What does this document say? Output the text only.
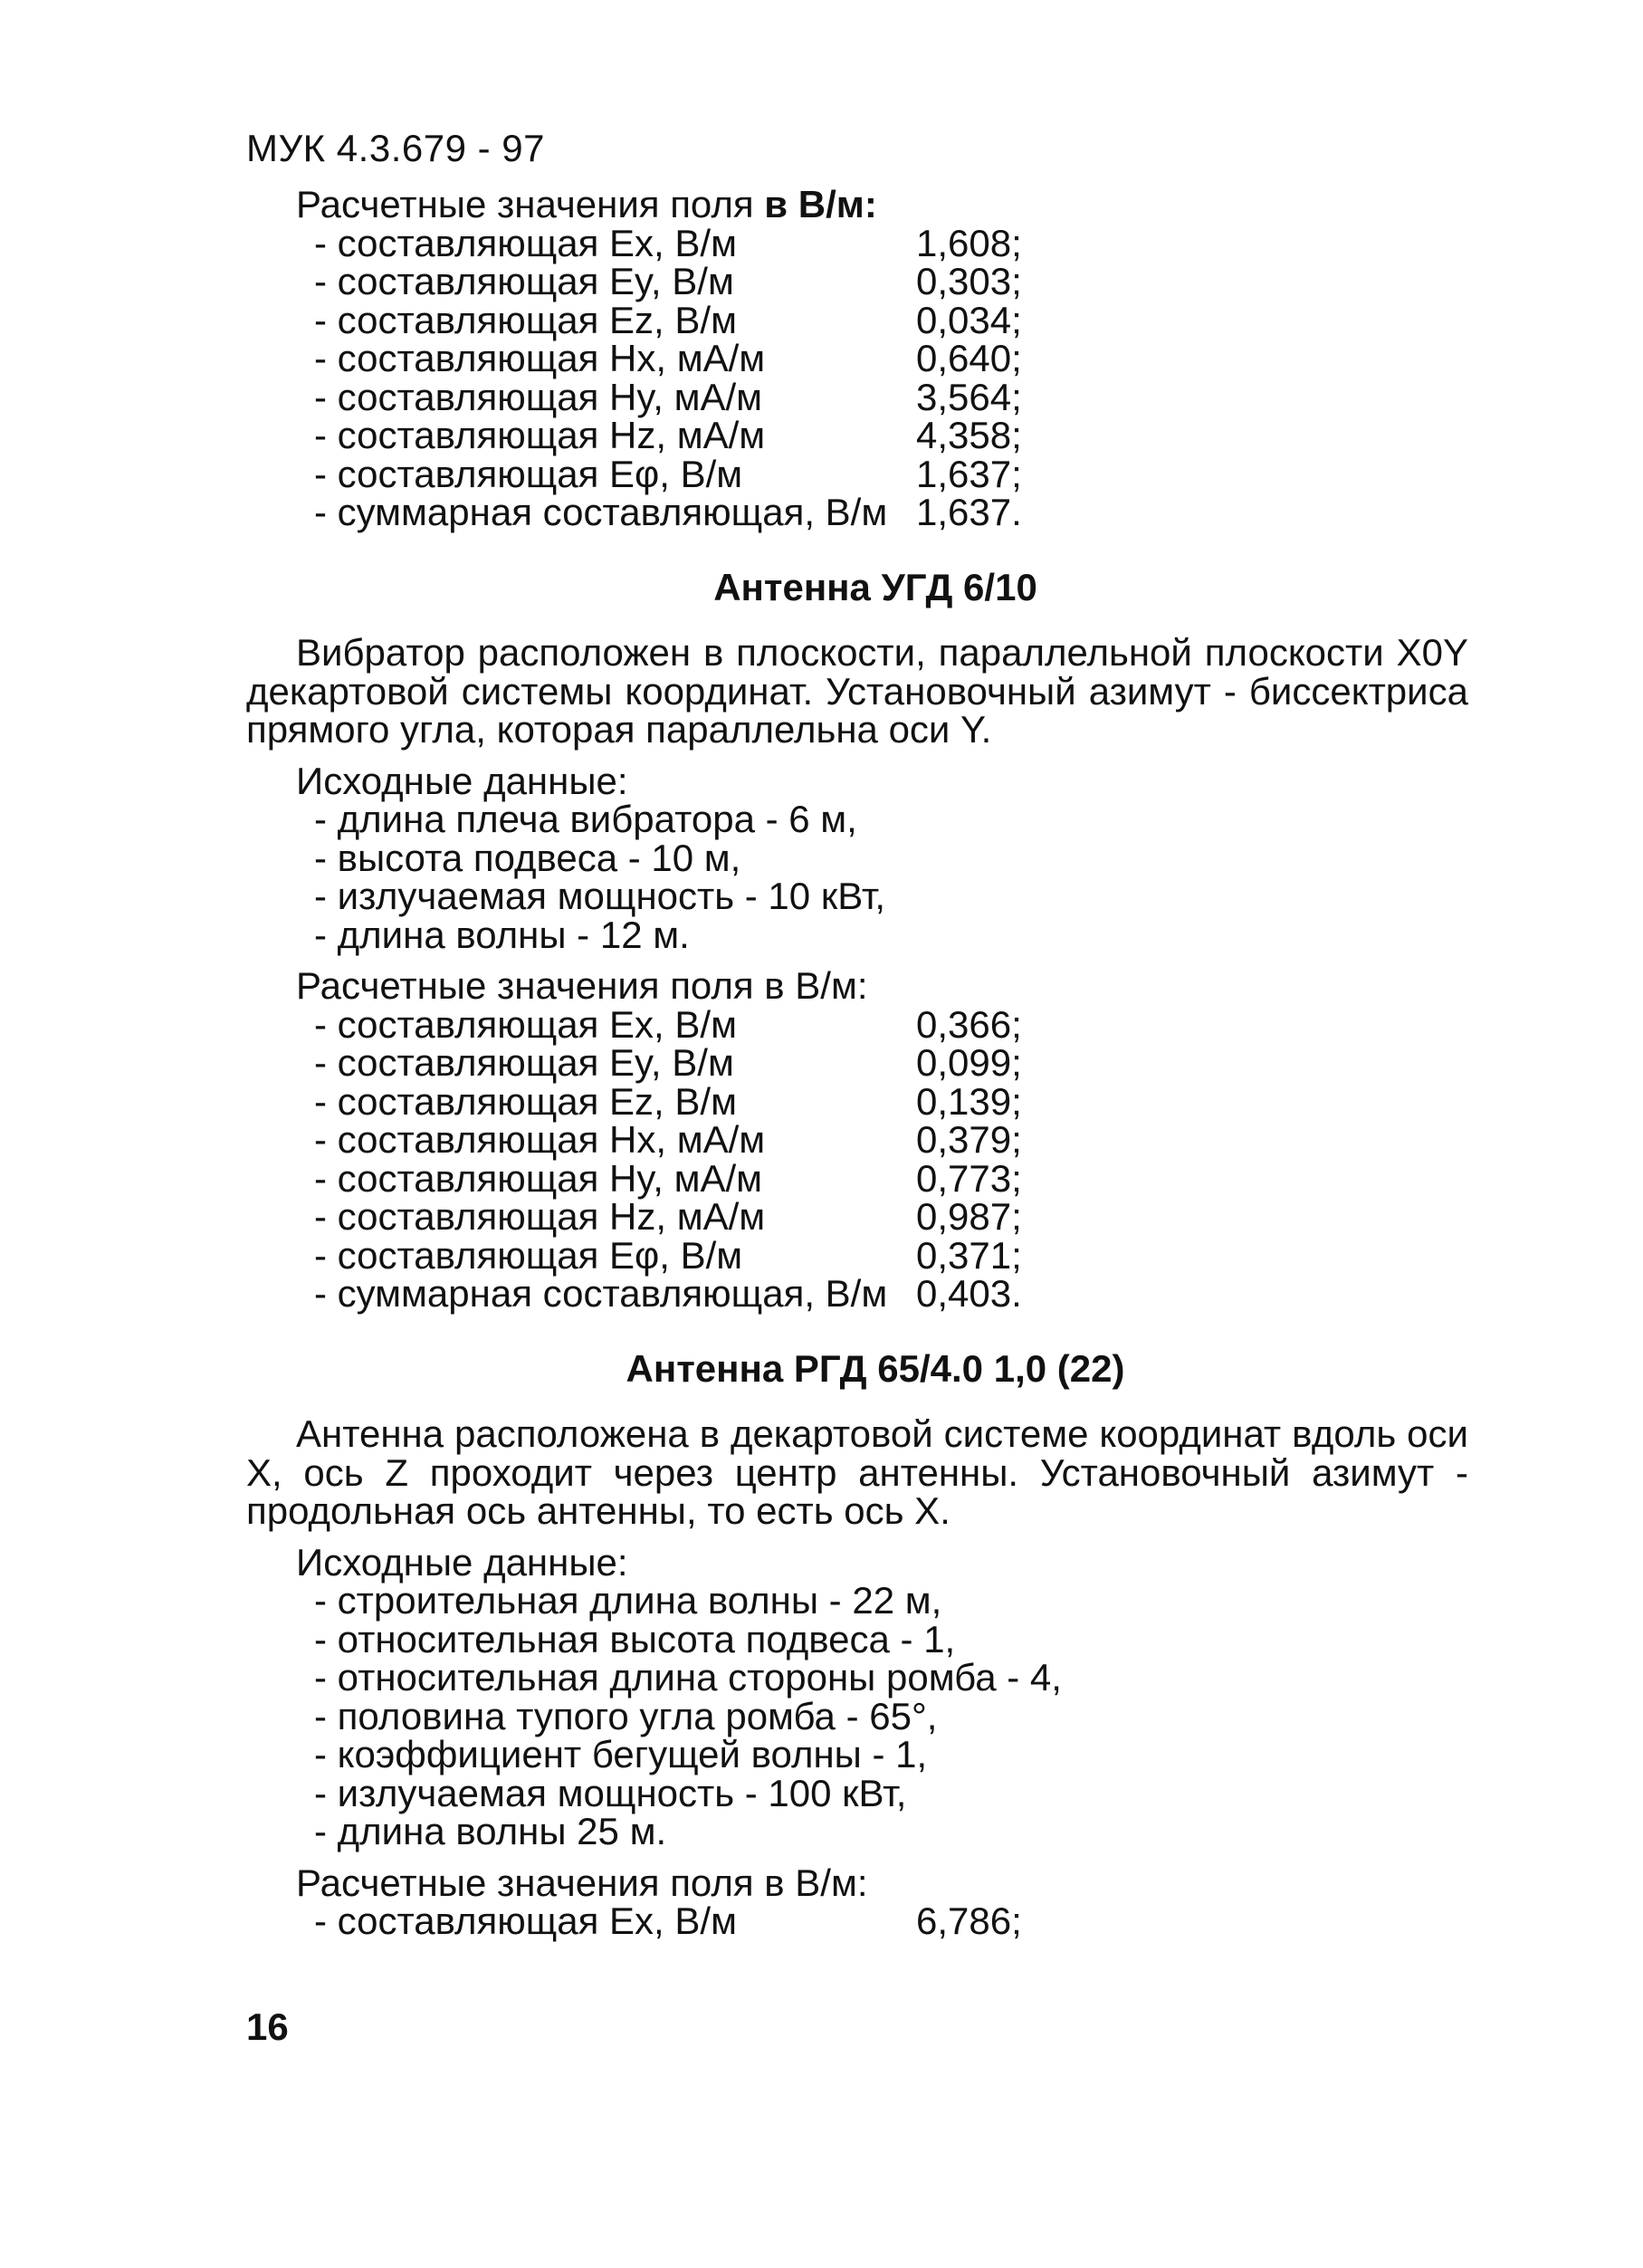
МУК 4.3.679 - 97

Расчетные значения поля в В/м:

- составляющая Ex, В/м	1,608;
- составляющая Ey, В/м	0,303;
- составляющая Ez, В/м	0,034;
- составляющая Hx, мА/м	0,640;
- составляющая Hy, мА/м	3,564;
- составляющая Hz, мА/м	4,358;
- составляющая Eφ, В/м	1,637;
- суммарная составляющая, В/м 1,637.

Антенна УГД 6/10

Вибратор расположен в плоскости, параллельной плоскости X0Y декартовой системы координат. Установочный азимут - биссектриса прямого угла, которая параллельна оси Y.

Исходные данные:

- длина плеча вибратора - 6 м,
- высота подвеса - 10 м,
- излучаемая мощность - 10 кВт,
- длина волны - 12 м.

Расчетные значения поля в В/м:

- составляющая Ex, В/м	0,366;
- составляющая Ey, В/м	0,099;
- составляющая Ez, В/м	0,139;
- составляющая Hx, мА/м	0,379;
- составляющая Hy, мА/м	0,773;
- составляющая Hz, мА/м	0,987;
- составляющая Eφ, В/м	0,371;
- суммарная составляющая, В/м 0,403.

Антенна РГД 65/4.0 1,0 (22)

Антенна расположена в декартовой системе координат вдоль оси X, ось Z проходит через центр антенны. Установочный азимут - продольная ось антенны, то есть ось X.

Исходные данные:

- строительная длина волны - 22 м,
- относительная высота подвеса - 1,
- относительная длина стороны ромба - 4,
- половина тупого угла ромба - 65°,
- коэффициент бегущей волны - 1,
- излучаемая мощность - 100 кВт,
- длина волны 25 м.

Расчетные значения поля в В/м:

- составляющая Ex, В/м	6,786;
16
